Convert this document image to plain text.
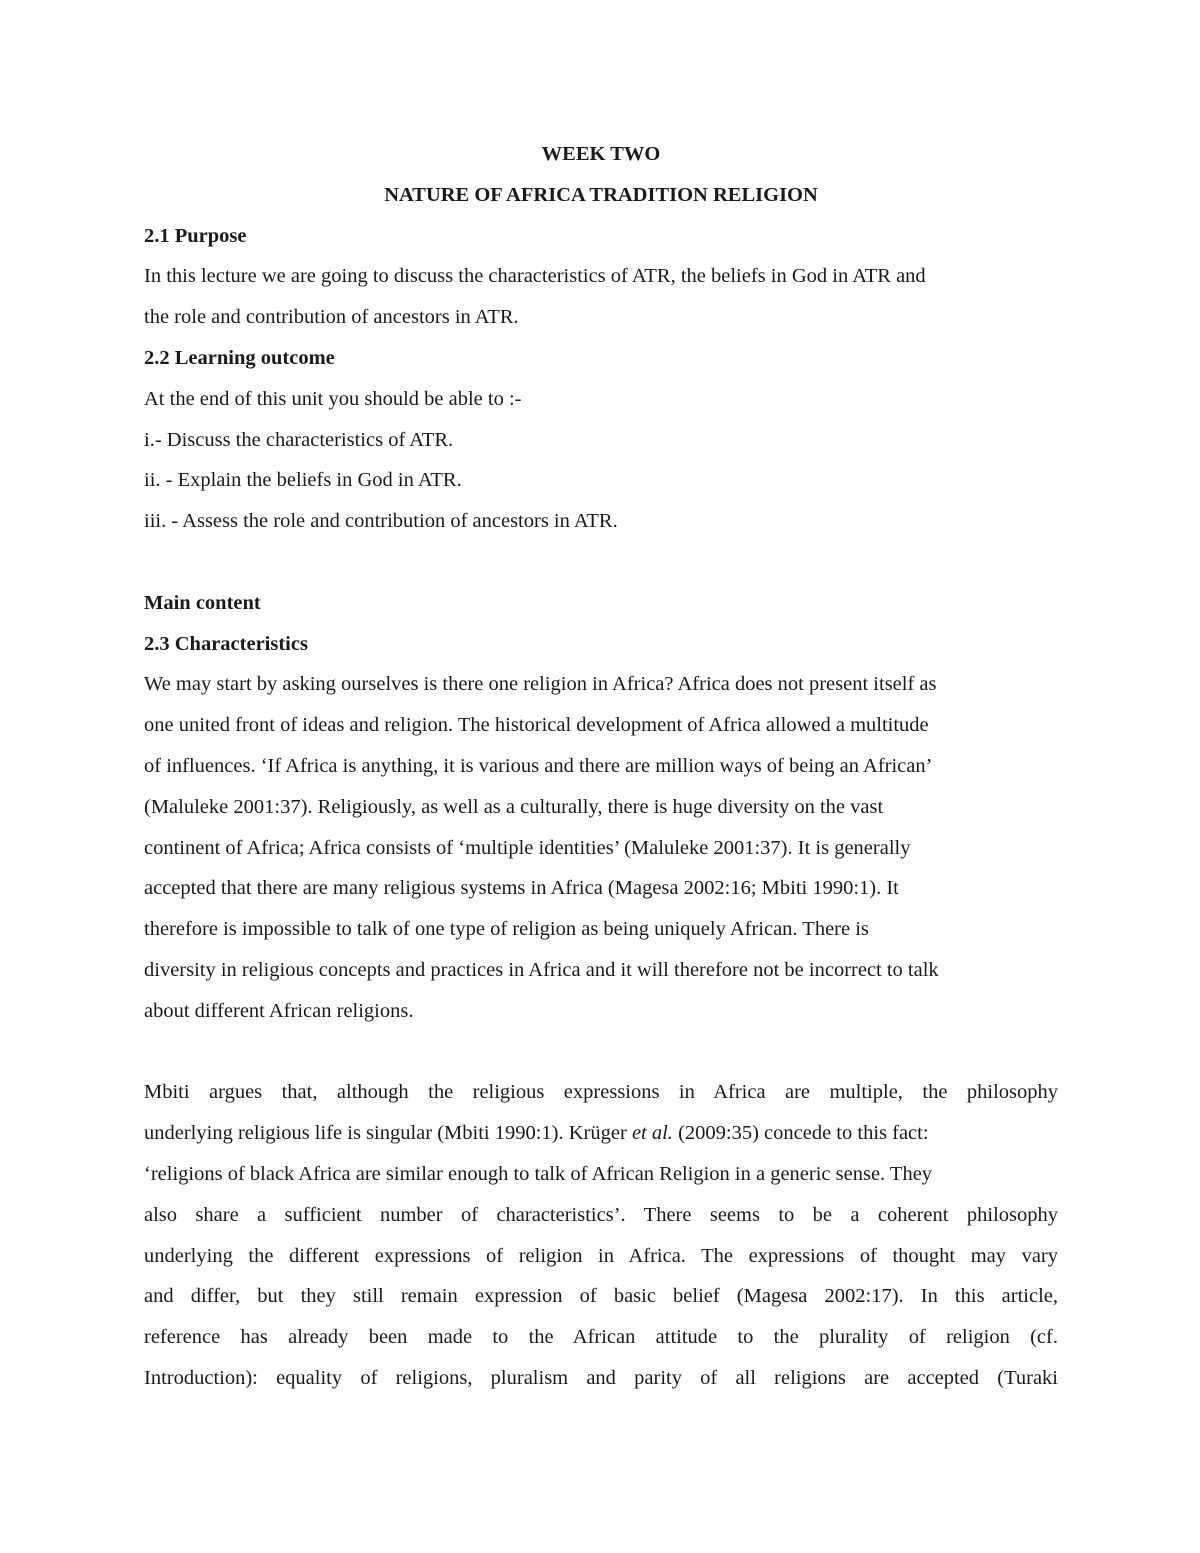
WEEK TWO
NATURE OF AFRICA TRADITION RELIGION
2.1 Purpose
In this lecture we are going to discuss the characteristics of ATR, the beliefs in God in ATR and
the role and contribution of ancestors in ATR.
2.2 Learning outcome
At the end of this unit you should be able to :-
i.- Discuss the characteristics of ATR.
ii. - Explain the beliefs in God in ATR.
iii. - Assess the role and contribution of ancestors in ATR.
Main content
2.3 Characteristics
We may start by asking ourselves is there one religion in Africa? Africa does not present itself as
one united front of ideas and religion. The historical development of Africa allowed a multitude
of influences. ‘If Africa is anything, it is various and there are million ways of being an African’
(Maluleke 2001:37). Religiously, as well as a culturally, there is huge diversity on the vast
continent of Africa; Africa consists of ‘multiple identities’ (Maluleke 2001:37). It is generally
accepted that there are many religious systems in Africa (Magesa 2002:16; Mbiti 1990:1). It
therefore is impossible to talk of one type of religion as being uniquely African. There is
diversity in religious concepts and practices in Africa and it will therefore not be incorrect to talk
about different African religions.
Mbiti argues that, although the religious expressions in Africa are multiple, the philosophy
underlying religious life is singular (Mbiti 1990:1). Krüger et al. (2009:35) concede to this fact:
‘religions of black Africa are similar enough to talk of African Religion in a generic sense. They
also share a sufficient number of characteristics’. There seems to be a coherent philosophy
underlying the different expressions of religion in Africa. The expressions of thought may vary
and differ, but they still remain expression of basic belief (Magesa 2002:17). In this article,
reference has already been made to the African attitude to the plurality of religion (cf.
Introduction): equality of religions, pluralism and parity of all religions are accepted (Turaki
